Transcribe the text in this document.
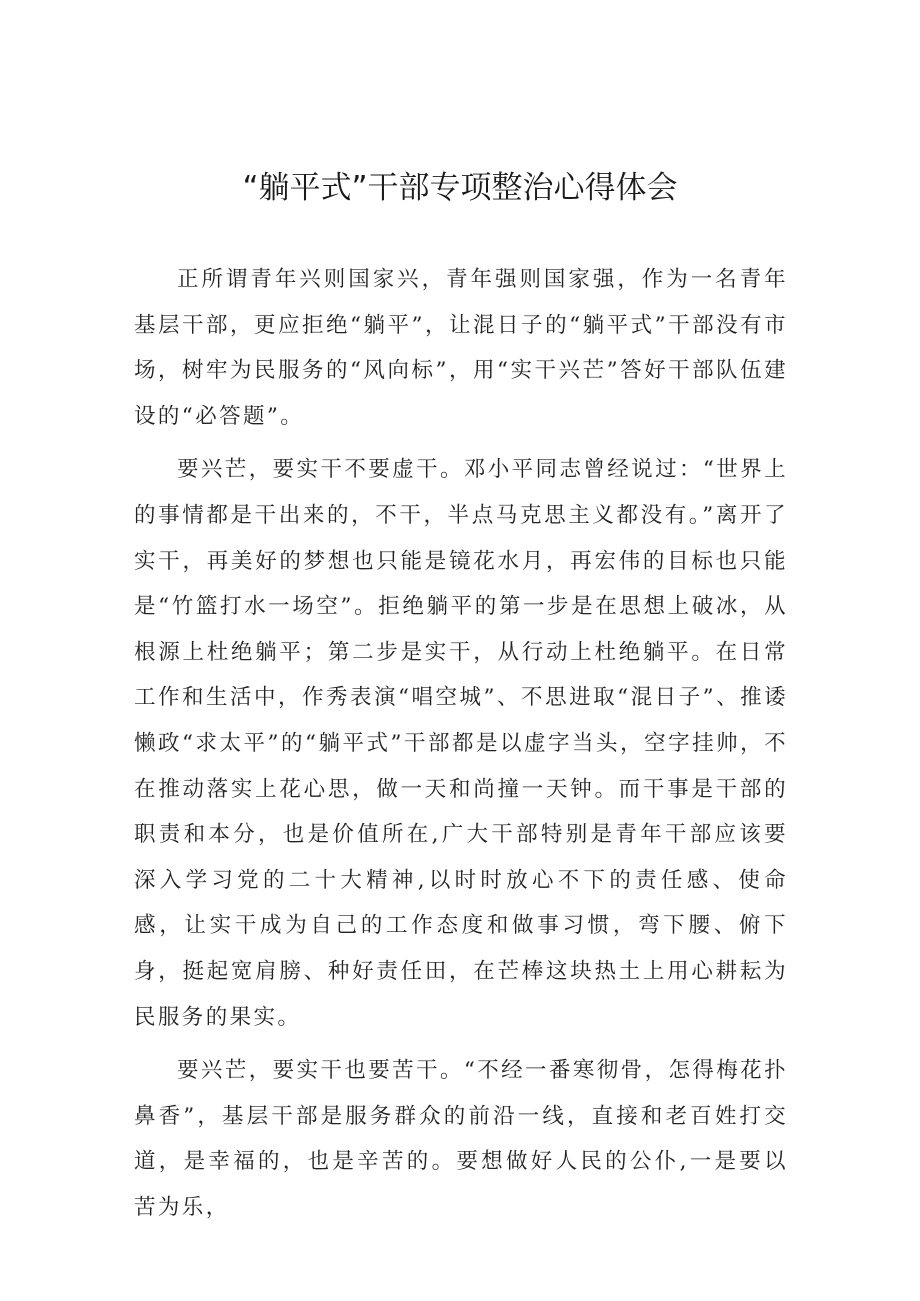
“躺平式”干部专项整治心得体会

正所谓青年兴则国家兴，青年强则国家强，作为一名青年基层干部，更应拒绝“躺平”，让混日子的“躺平式”干部没有市场，树牢为民服务的“风向标”，用“实干兴芒”答好干部队伍建设的“必答题”。

要兴芒，要实干不要虚干。邓小平同志曾经说过：“世界上的事情都是干出来的，不干，半点马克思主义都没有。”离开了实干，再美好的梦想也只能是镜花水月，再宏伟的目标也只能是“竹篮打水一场空”。拒绝躺平的第一步是在思想上破冰，从根源上杜绝躺平；第二步是实干，从行动上杜绝躺平。在日常工作和生活中，作秀表演“唱空城”、不思进取“混日子”、推诿懒政“求太平”的“躺平式”干部都是以虚字当头，空字挂帅，不在推动落实上花心思，做一天和尚撞一天钟。而干事是干部的职责和本分，也是价值所在,广大干部特别是青年干部应该要深入学习党的二十大精神,以时时放心不下的责任感、使命感，让实干成为自己的工作态度和做事习惯，弯下腰、俯下身，挺起宽肩膀、种好责任田，在芒棒这块热土上用心耕耘为民服务的果实。

要兴芒，要实干也要苦干。“不经一番寒彻骨，怎得梅花扑鼻香”，基层干部是服务群众的前沿一线，直接和老百姓打交道，是幸福的，也是辛苦的。要想做好人民的公仆,一是要以苦为乐，
